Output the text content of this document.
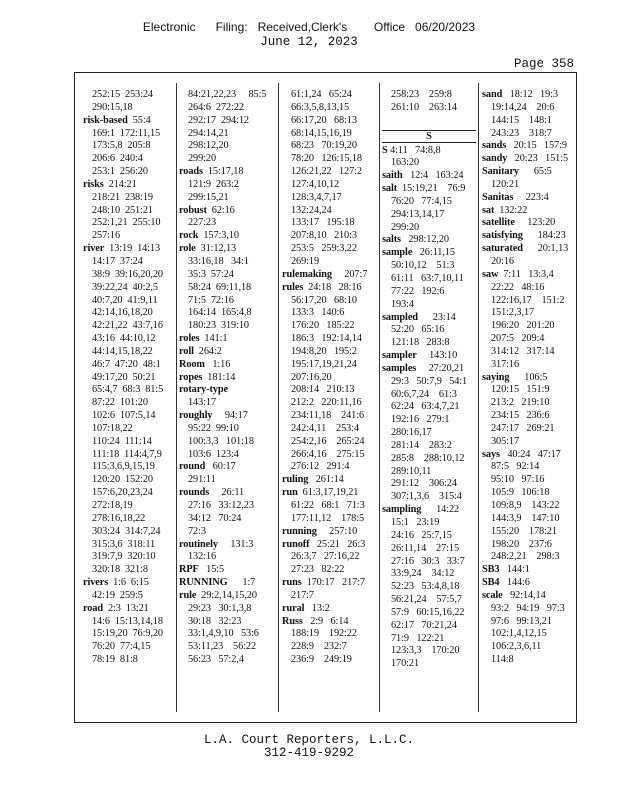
Electronic      Filing:   Received,Clerk's        Office   06/20/2023
June 12, 2023
Page 358
252:15  253:24
290:15,18
risk-based  55:4
169:1  172:11,15
173:5,8  205:8
206:6  240:4
253:1  256:20
risks  214:21
218:21  238:19
248:10  251:21
252:1,21  255:10
257:16
river  13:19  14:13
14:17  37:24
38:9  39:16,20,20
39:22,24  40:2,5
40:7,20  41:9,11
42:14,16,18,20
42:21,22  43:7,16
43:16  44:10,12
44:14,15,18,22
46:7  47:20  48:1
49:17,20  50:21
65:4,7  68:3  81:5
87:22  101:20
102:6  107:5,14
107:18,22
110:24  111:14
111:18  114:4,7,9
115:3,6,9,15,19
120:20  152:20
157:6,20,23,24
272:18,19
278:16,18,22
303:24  314:7,24
315:3,6  318:11
319:7,9  320:10
320:18  321:8
rivers  1:6  6:15
42:19  259:5
road  2:3  13:21
14:6  15:13,14,18
15:19,20  76:9,20
76:20  77:4,15
78:19  81:8
84:21,22,23     85:5
264:6  272:22
292:17  294:12
294:14,21
298:12,20
299:20
roads  15:17,18
121:9  263:2
299:15,21
robust  62:16
227:23
rock  157:3,10
role  31:12,13
33:16,18   34:1
35:3  57:24
58:24  69:11,18
71:5  72:16
164:14  165:4,8
180:23  319:10
roles  141:1
roll  264:2
Room   1:16
ropes  181:14
rotary-type
143:17
roughly     94:17
95:22  99:10
100:3,3   101:18
103:6  123:4
round   60:17
291:11
rounds     26:11
27:16   33:12,23
34:12   70:24
72:3
routinely     131:3
132:16
RPF   15:5
RUNNING      1:7
rule  29:2,14,15,20
29:23   30:1,3,8
30:18   32:23
33:1,4,9,10   53:6
53:11,23    56:22
56:23   57:2,4
61:1,24   65:24
66:3,5,8,13,15
66:17,20   68:13
68:14,15,16,19
68:23   70:19,20
78:20   126:15,18
126:21,22   127:2
127:4,10,12
128:3,4,7,17
132:24,24
133:17   195:18
207:8,10   210:3
253:5   259:3,22
269:19
rulemaking     207:7
rules  24:18   28:16
56:17,20   68:10
133:3   140:6
176:20   185:22
186:3   192:14,14
194:8,20   195:2
195:17,19,21,24
207:16,20
208:14   210:13
212:2   220:11,16
234:11,18    241:6
242:4,11    253:4
254:2,16    265:24
266:4,16    275:15
276:12   291:4
ruling   261:14
run  61:3,17,19,21
61:22   68:1   71:3
177:11,12    178:5
running     257:10
runoff   25:21   26:3
26:3,7   27:16,22
27:23   82:22
runs  170:17   217:7
217:7
rural   13:2
Russ   2:9   6:14
188:19    192:22
228:9    232:7
236:9    249:19
258:23    259:8
261:10    263:14
S
S 4:11   74:8,8
163:20
saith   12:4   163:24
salt  15:19,21    76:9
76:20   77:4,15
294:13,14,17
299:20
salts   298:12,20
sample   26:11,15
50:10,12    51:3
61:11   63:7,10,11
77:22   192:6
193:4
sampled      23:14
52:20   65:16
121:18   283:8
sampler     143:10
samples     27:20,21
29:3   50:7,9   54:1
60:6,7,24    61:3
62:24   63:4,7,21
192:16   279:1
280:16,17
281:14    283:2
285:8    288:10,12
289:10,11
291:12    306:24
307:1,3,6    315:4
sampling      14:22
15:1   23:19
24:16   25:7,15
26:11,14    27:15
27:16   30:3   33:7
33:9,24    34:12
52:23   53:4,8,18
56:21,24    57:5,7
57:9   60:15,16,22
62:17   70:21,24
71:9   122:21
123:3,3    170:20
170:21
sand   18:12   19:3
19:14,24    20:6
144:15    148:1
243:23    318:7
sands   20:15   157:9
sandy   20:23   151:5
Sanitary      65:5
120:21
Sanitas     223:4
sat  132:22
satellite     123:20
satisfying      184:23
saturated      20:1,13
20:16
saw  7:11   13:3,4
22:22   48:16
122:16,17    151:2
151:2,3,17
196:20   201:20
207:5   209:4
314:12   317:14
317:16
saying      106:5
120:15   151:9
213:2   219:10
234:15   236:6
247:17   269:21
305:17
says   40:24   47:17
87:5   92:14
95:10   97:16
105:9   106:18
109:8,9    143:22
144:3,9    147:10
155:20    178:21
198:20    237:6
248:2,21    298:3
SB3   144:1
SB4   144:6
scale   92:14,14
93:2   94:19   97:3
97:6   99:13,21
102:1,4,12,15
106:2,3,6,11
114:8
L.A. Court Reporters, L.L.C.
312-419-9292
